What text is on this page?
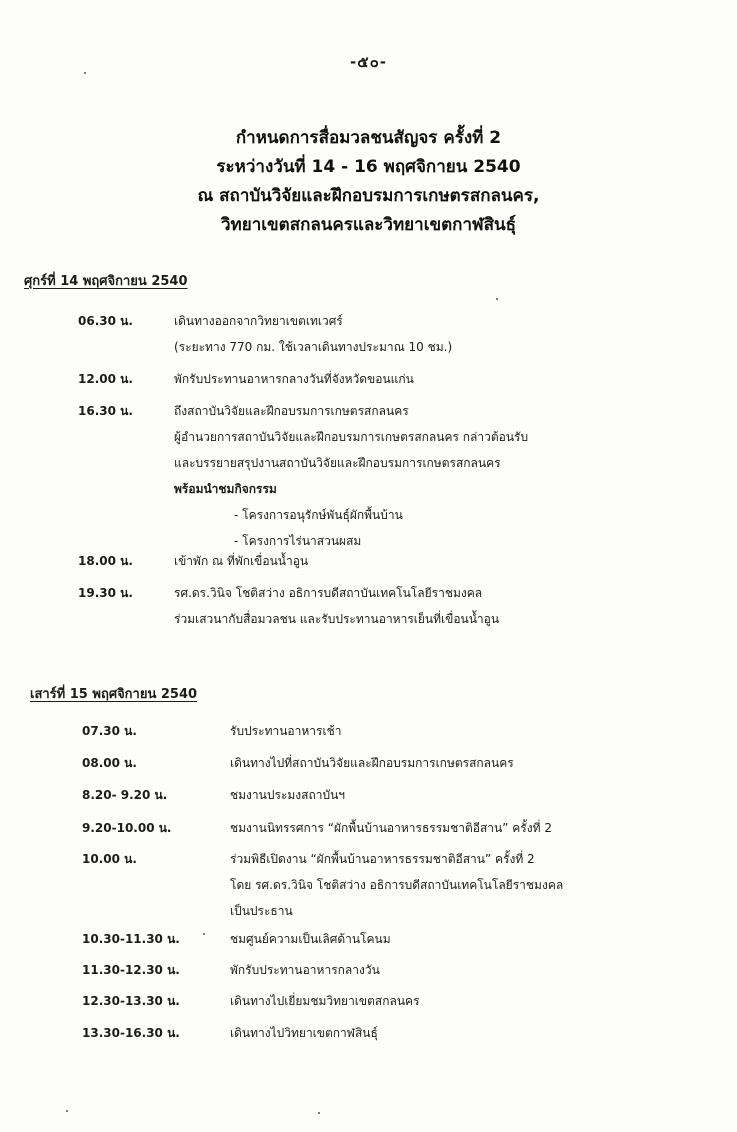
-๕๐-
กำหนดการสื่อมวลชนสัญจร ครั้งที่ 2
ระหว่างวันที่ 14 - 16 พฤศจิกายน 2540
ณ สถาบันวิจัยและฝึกอบรมการเกษตรสกลนคร,
วิทยาเขตสกลนครและวิทยาเขตกาฬสินธุ์
ศุกร์ที่ 14 พฤศจิกายน 2540
06.30 น.	เดินทางออกจากวิทยาเขตเทเวศร์
(ระยะทาง 770 กม. ใช้เวลาเดินทางประมาณ 10 ชม.)
12.00 น.	พักรับประทานอาหารกลางวันที่จังหวัดขอนแก่น
16.30 น.	ถึงสถาบันวิจัยและฝึกอบรมการเกษตรสกลนคร
ผู้อำนวยการสถาบันวิจัยและฝึกอบรมการเกษตรสกลนคร กล่าวต้อนรับ
และบรรยายสรุปงานสถาบันวิจัยและฝึกอบรมการเกษตรสกลนคร
พร้อมนำชมกิจกรรม
- โครงการอนุรักษ์พันธุ์ผักพื้นบ้าน
- โครงการไร่นาสวนผสม
18.00 น.	เข้าพัก ณ ที่พักเขื่อนน้ำอูน
19.30 น.	รศ.ดร.วินิจ โชติสว่าง อธิการบดีสถาบันเทคโนโลยีราชมงคล
ร่วมเสวนากับสื่อมวลชน และรับประทานอาหารเย็นที่เขื่อนน้ำอูน
เสาร์ที่ 15 พฤศจิกายน 2540
07.30 น.	รับประทานอาหารเช้า
08.00 น.	เดินทางไปที่สถาบันวิจัยและฝึกอบรมการเกษตรสกลนคร
8.20- 9.20 น.	ชมงานประมงสถาบันฯ
9.20-10.00 น.	ชมงานนิทรรศการ “ผักพื้นบ้านอาหารธรรมชาติอีสาน” ครั้งที่ 2
10.00 น.	ร่วมพิธีเปิดงาน “ผักพื้นบ้านอาหารธรรมชาติอีสาน” ครั้งที่ 2
โดย รศ.ดร.วินิจ โชติสว่าง อธิการบดีสถาบันเทคโนโลยีราชมงคล
เป็นประธาน
10.30-11.30 น.	ชมศูนย์ความเป็นเลิศด้านโคนม
11.30-12.30 น.	พักรับประทานอาหารกลางวัน
12.30-13.30 น.	เดินทางไปเยี่ยมชมวิทยาเขตสกลนคร
13.30-16.30 น.	เดินทางไปวิทยาเขตกาฬสินธุ์
